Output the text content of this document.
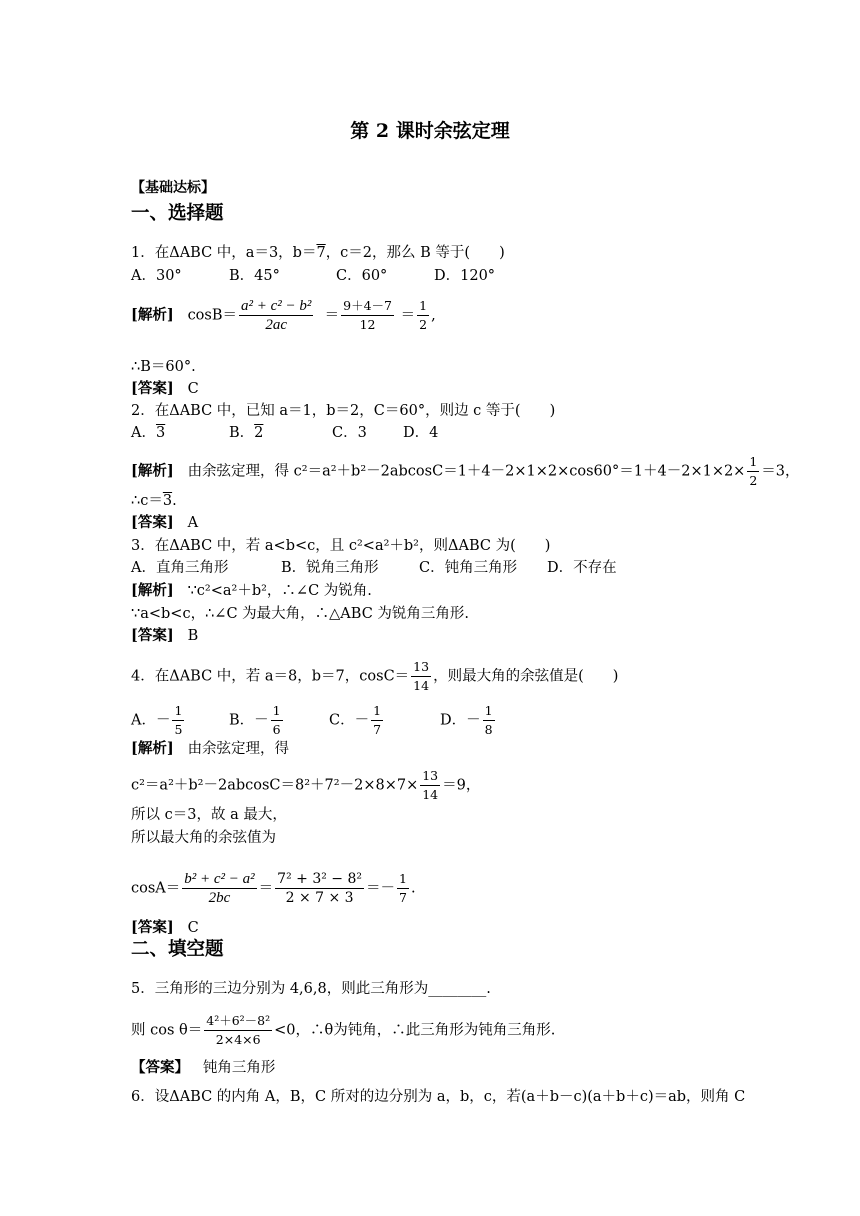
第 2 课时余弦定理
【基础达标】
一、选择题
1．在ΔABC 中，a＝3，b＝7，c＝2，那么 B 等于(　　)
A．30°	B．45°	C．60°	D．120°
[解析] $\cos B= \frac{\text{a² + c² − b²}}{2ac} = \frac{9+4-7}{12} = \frac{1}{2}$ ,
∴B＝60°.
[答案] C
2．在ΔABC 中，已知 a＝1，b＝2，C＝60°，则边 c 等于(　　)
A．3	B．2	C．3 D．4
[解析] 由余弦定理，得 $c^2=a^2+b^2-2abcosC=1+4-2\times 1\times 2\times\cos 60^\circ=1+4-2\times 1\times 2\times \frac{1}{2} =3$，
∴c＝3.
[答案] A
3．在ΔABC 中，若 a<b<c，且 c²<a²＋b²，则ΔABC 为(　　)
A．直角三角形	B．锐角三角形	C．钝角三角形 D．不存在
[解析] ∵c²<a²＋b²，∴∠C 为锐角.
∵a<b<c，∴∠C 为最大角，∴△ABC 为锐角三角形.
[答案] B
4．在ΔABC 中，若 a＝8，b＝7，$\cos C= \frac{13}{14}$ ，则最大角的余弦值是(　　)
A．－ $\frac{1}{5}$	B．－ $\frac{1}{6}$	C．－ $\frac{1}{7}$	D．－ $\frac{1}{8}$
[解析] 由余弦定理，得
$c^2=a^2+b^2-2abcosC=8^2+7^2-2\times 8\times 7\times \frac{13}{14} =9$，
所以 c＝3，故 a 最大，
所以最大角的余弦值为
$\cos A= \frac{\text{b² + c² − a²}}{2bc} = \frac{\text{7² + 3² − 8²}}{2 \times 7 \times 3} =- \frac{1}{7}$ .
[答案] C
二、填空题
5．三角形的三边分别为 4,6,8，则此三角形为________.
则 $\cos \theta= \frac{\text{4²＋6²－8²}}{2\times 4\times 6} <0$，∴θ为钝角，∴此三角形为钝角三角形.
【答案】 钝角三角形
6．设ΔABC 的内角 A，B，C 所对的边分别为 a，b，c，若(a＋b－c)(a＋b＋c)＝ab，则角 C
